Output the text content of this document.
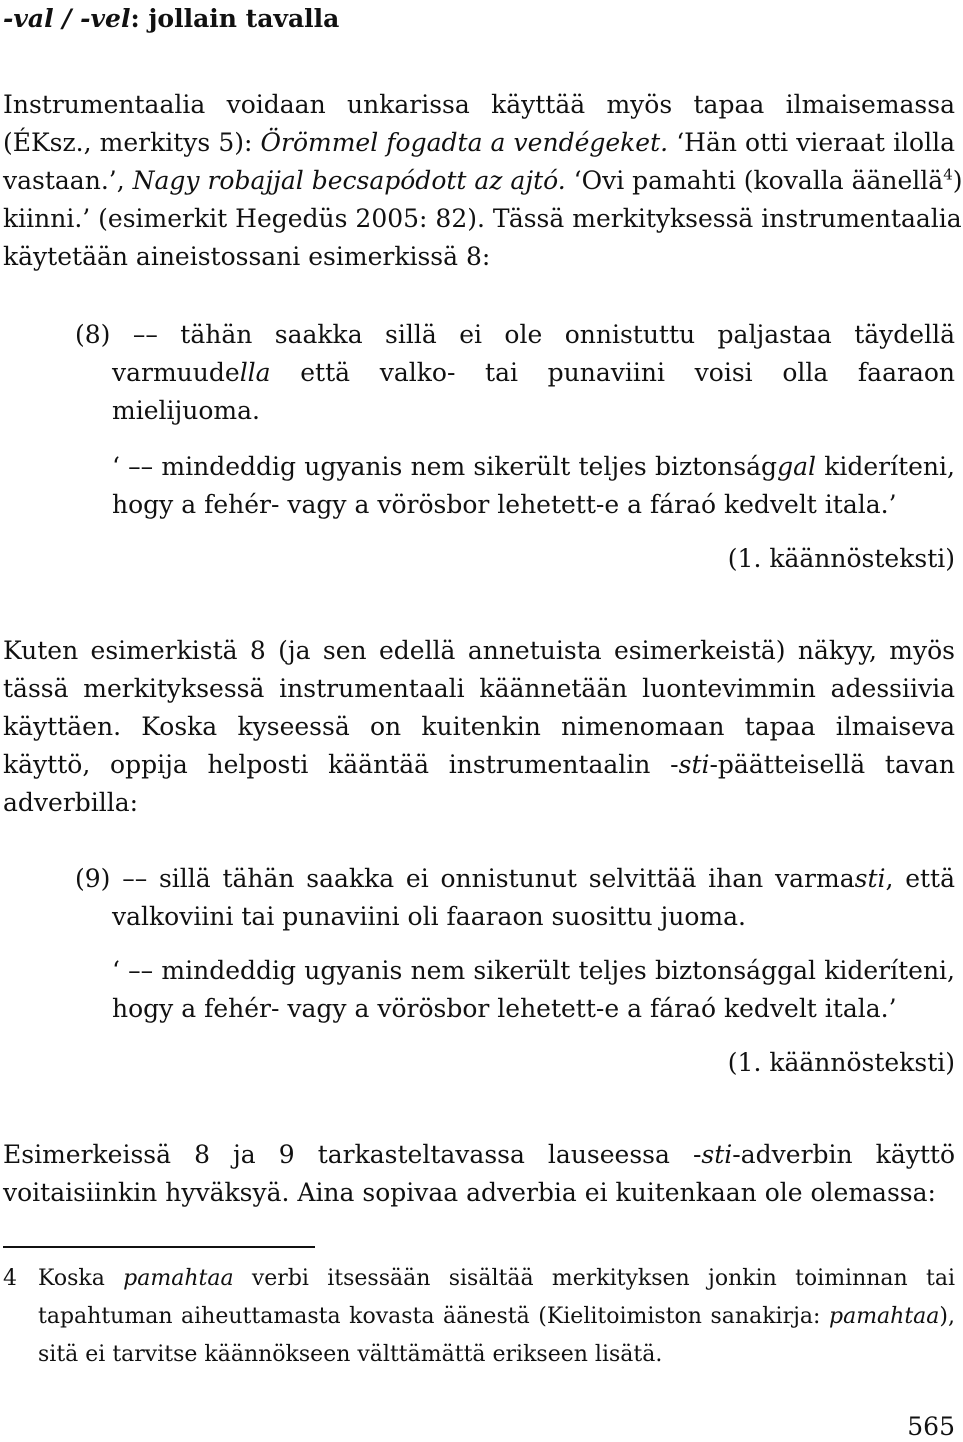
-val / -vel: jollain tavalla
Instrumentaalia voidaan unkarissa käyttää myös tapaa ilmaisemassa
(ÉKsz., merkitys 5): Örömmel fogadta a vendégeket. ‘Hän otti vieraat ilolla
vastaan.’, Nagy robajjal becsapódott az ajtó. ‘Ovi pamahti (kovalla äänellä$^4$)
kiinni.’ (esimerkit Hegedüs 2005: 82). Tässä merkityksessä instrumentaalia
käytetään aineistossani esimerkissä 8:
(8) –– tähän saakka sillä ei ole onnistuttu paljastaa täydellä
varmuudella että valko- tai punaviini voisi olla faaraon
mielijuoma.
‘ –– mindeddig ugyanis nem sikerült teljes biztonsággal kideríteni,
hogy a fehér- vagy a vörösbor lehetett-e a fáraó kedvelt itala.’
(1. käännösteksti)
Kuten esimerkistä 8 (ja sen edellä annetuista esimerkeistä) näkyy, myös
tässä merkityksessä instrumentaali käännetään luontevimmin adessiivia
käyttäen. Koska kyseessä on kuitenkin nimenomaan tapaa ilmaiseva
käyttö, oppija helposti kääntää instrumentaalin -sti-päätteisellä tavan
adverbilla:
(9) –– sillä tähän saakka ei onnistunut selvittää ihan varmasti, että
valkoviini tai punaviini oli faaraon suosittu juoma.
‘ –– mindeddig ugyanis nem sikerült teljes biztonsággal kideríteni,
hogy a fehér- vagy a vörösbor lehetett-e a fáraó kedvelt itala.’
(1. käännösteksti)
Esimerkeissä 8 ja 9 tarkasteltavassa lauseessa -sti-adverbin käyttö
voitaisiinkin hyväksyä. Aina sopivaa adverbia ei kuitenkaan ole olemassa:
4 Koska pamahtaa verbi itsessään sisältää merkityksen jonkin toiminnan tai
tapahtuman aiheuttamasta kovasta äänestä (Kielitoimiston sanakirja: pamahtaa),
sitä ei tarvitse käännökseen välttämättä erikseen lisätä.
565
